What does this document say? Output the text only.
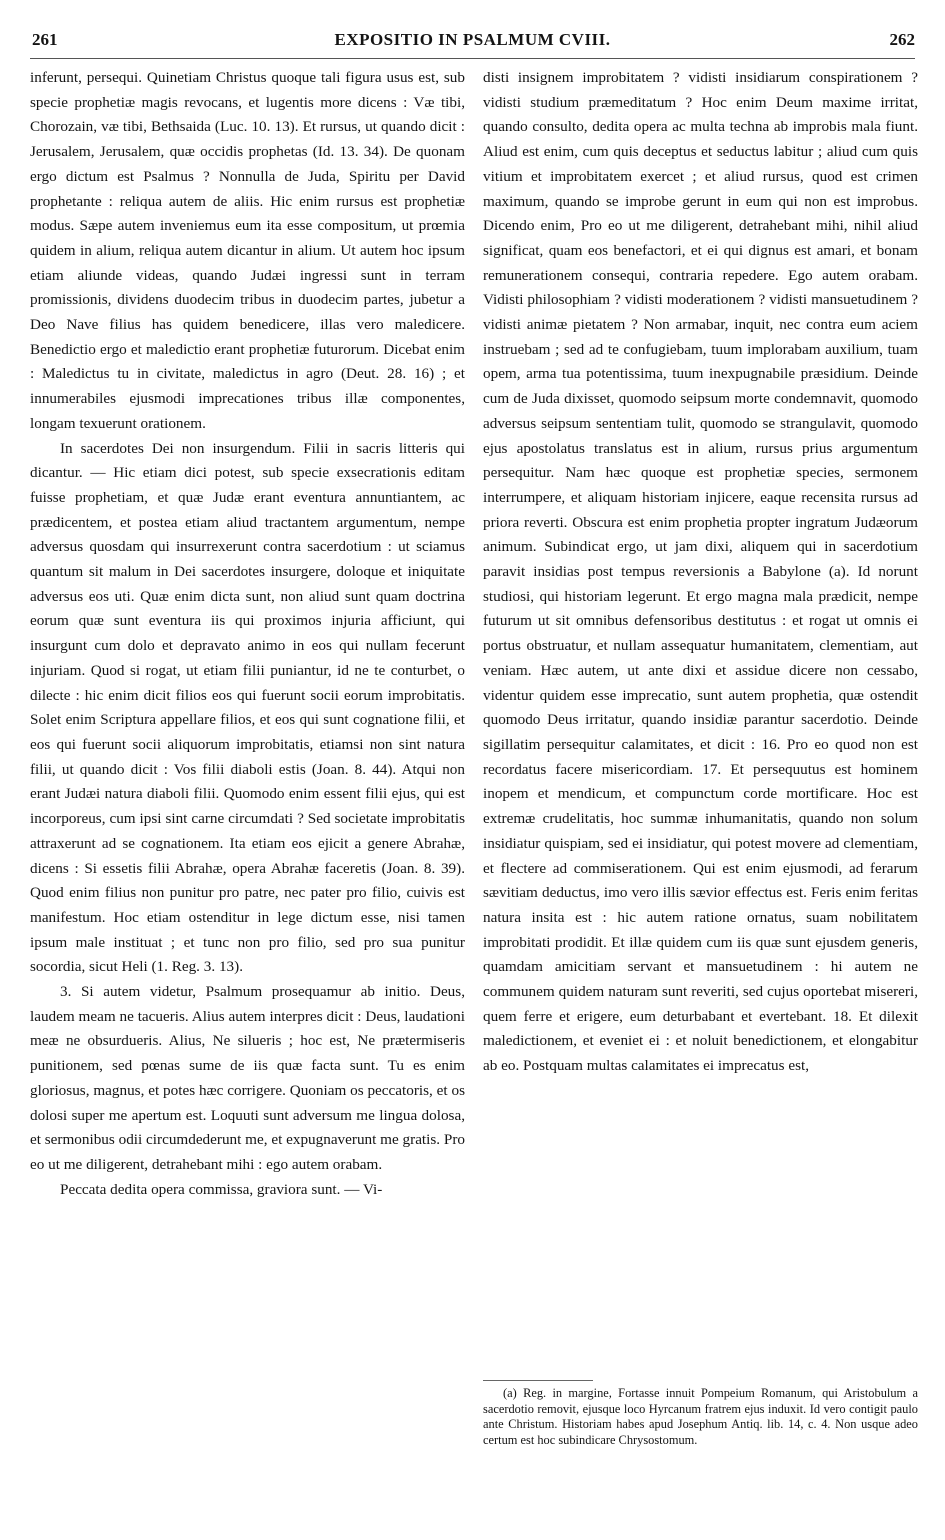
261	EXPOSITIO IN PSALMUM CVIII.	262

inferunt, persequi. Quinetiam Christus quoque tali figura usus est, sub specie prophetiæ magis revocans, et lugentis more dicens : Væ tibi, Chorozain, væ tibi, Bethsaida (Luc. 10. 13). Et rursus, ut quando dicit : Jerusalem, Jerusalem, quæ occidis prophetas (Id. 13. 34). De quonam ergo dictum est Psalmus ? Nonnulla de Juda, Spiritu per David prophetante : reliqua autem de aliis. Hic enim rursus est prophetiæ modus. Sæpe autem inveniemus eum ita esse compositum, ut prœmia quidem in alium, reliqua autem dicantur in alium. Ut autem hoc ipsum etiam aliunde videas, quando Judæi ingressi sunt in terram promissionis, dividens duodecim tribus in duodecim partes, jubetur a Deo Nave filius has quidem benedicere, illas vero maledicere. Benedictio ergo et maledictio erant prophetiæ futurorum. Dicebat enim : Maledictus tu in civitate, maledictus in agro (Deut. 28. 16) ; et innumerabiles ejusmodi imprecationes tribus illæ componentes, longam texuerunt orationem.

In sacerdotes Dei non insurgendum. Filii in sacris litteris qui dicantur. — Hic etiam dici potest, sub specie exsecrationis editam fuisse prophetiam, et quæ Judæ erant eventura annuntiantem, ac prædicentem, et postea etiam aliud tractantem argumentum, nempe adversus quosdam qui insurrexerunt contra sacerdotium : ut sciamus quantum sit malum in Dei sacerdotes insurgere, doloque et iniquitate adversus eos uti. Quæ enim dicta sunt, non aliud sunt quam doctrina eorum quæ sunt eventura iis qui proximos injuria afficiunt, qui insurgunt cum dolo et depravato animo in eos qui nullam fecerunt injuriam. Quod si rogat, ut etiam filii puniantur, id ne te conturbet, o dilecte : hic enim dicit filios eos qui fuerunt socii eorum improbitatis. Solet enim Scriptura appellare filios, et eos qui sunt cognatione filii, et eos qui fuerunt socii aliquorum improbitatis, etiamsi non sint natura filii, ut quando dicit : Vos filii diaboli estis (Joan. 8. 44). Atqui non erant Judæi natura diaboli filii. Quomodo enim essent filii ejus, qui est incorporeus, cum ipsi sint carne circumdati ? Sed societate improbitatis attraxerunt ad se cognationem. Ita etiam eos ejicit a genere Abrahæ, dicens : Si essetis filii Abrahæ, opera Abrahæ faceretis (Joan. 8. 39). Quod enim filius non punitur pro patre, nec pater pro filio, cuivis est manifestum. Hoc etiam ostenditur in lege dictum esse, nisi tamen ipsum male instituat ; et tunc non pro filio, sed pro sua punitur socordia, sicut Heli (1. Reg. 3. 13).

3. Si autem videtur, Psalmum prosequamur ab initio. Deus, laudem meam ne tacueris. Alius autem interpres dicit : Deus, laudationi meæ ne obsurdueris. Alius, Ne silueris ; hoc est, Ne prætermiseris punitionem, sed pœnas sume de iis quæ facta sunt. Tu es enim gloriosus, magnus, et potes hæc corrigere. Quoniam os peccatoris, et os dolosi super me apertum est. Loquuti sunt adversum me lingua dolosa, et sermonibus odii circumdederunt me, et expugnaverunt me gratis. Pro eo ut me diligerent, detrahebant mihi : ego autem orabam.

Peccata dedita opera commissa, graviora sunt. — Vi-

disti insignem improbitatem ? vidisti insidiarum conspirationem ? vidisti studium præmeditatum ? Hoc enim Deum maxime irritat, quando consulto, dedita opera ac multa techna ab improbis mala fiunt. Aliud est enim, cum quis deceptus et seductus labitur ; aliud cum quis vitium et improbitatem exercet ; et aliud rursus, quod est crimen maximum, quando se improbe gerunt in eum qui non est improbus. Dicendo enim, Pro eo ut me diligerent, detrahebant mihi, nihil aliud significat, quam eos benefactori, et ei qui dignus est amari, et bonam remunerationem consequi, contraria repedere. Ego autem orabam. Vidisti philosophiam ? vidisti moderationem ? vidisti mansuetudinem ? vidisti animæ pietatem ? Non armabar, inquit, nec contra eum aciem instruebam ; sed ad te confugiebam, tuum implorabam auxilium, tuam opem, arma tua potentissima, tuum inexpugnabile præsidium. Deinde cum de Juda dixisset, quomodo seipsum morte condemnavit, quomodo adversus seipsum sententiam tulit, quomodo se strangulavit, quomodo ejus apostolatus translatus est in alium, rursus prius argumentum persequitur. Nam hæc quoque est prophetiæ species, sermonem interrumpere, et aliquam historiam injicere, eaque recensita rursus ad priora reverti. Obscura est enim prophetia propter ingratum Judæorum animum. Subindicat ergo, ut jam dixi, aliquem qui in sacerdotium paravit insidias post tempus reversionis a Babylone (a). Id norunt studiosi, qui historiam legerunt. Et ergo magna mala prædicit, nempe futurum ut sit omnibus defensoribus destitutus : et rogat ut omnis ei portus obstruatur, et nullam assequatur humanitatem, clementiam, aut veniam. Hæc autem, ut ante dixi et assidue dicere non cessabo, videntur quidem esse imprecatio, sunt autem prophetia, quæ ostendit quomodo Deus irritatur, quando insidiæ parantur sacerdotio. Deinde sigillatim persequitur calamitates, et dicit : 16. Pro eo quod non est recordatus facere misericordiam. 17. Et persequutus est hominem inopem et mendicum, et compunctum corde mortificare. Hoc est extremæ crudelitatis, hoc summæ inhumanitatis, quando non solum insidiatur quispiam, sed ei insidiatur, qui potest movere ad clementiam, et flectere ad commiserationem. Qui est enim ejusmodi, ad ferarum sævitiam deductus, imo vero illis sævior effectus est. Feris enim feritas natura insita est : hic autem ratione ornatus, suam nobilitatem improbitati prodidit. Et illæ quidem cum iis quæ sunt ejusdem generis, quamdam amicitiam servant et mansuetudinem : hi autem ne communem quidem naturam sunt reveriti, sed cujus oportebat misereri, quem ferre et erigere, eum deturbabant et evertebant. 18. Et dilexit maledictionem, et eveniet ei : et noluit benedictionem, et elongabitur ab eo. Postquam multas calamitates ei imprecatus est,

(a) Reg. in margine, Fortasse innuit Pompeium Romanum, qui Aristobulum a sacerdotio removit, ejusque loco Hyrcanum fratrem ejus induxit. Id vero contigit paulo ante Christum. Historiam habes apud Josephum Antiq. lib. 14, c. 4. Non usque adeo certum est hoc subindicare Chrysostomum.
